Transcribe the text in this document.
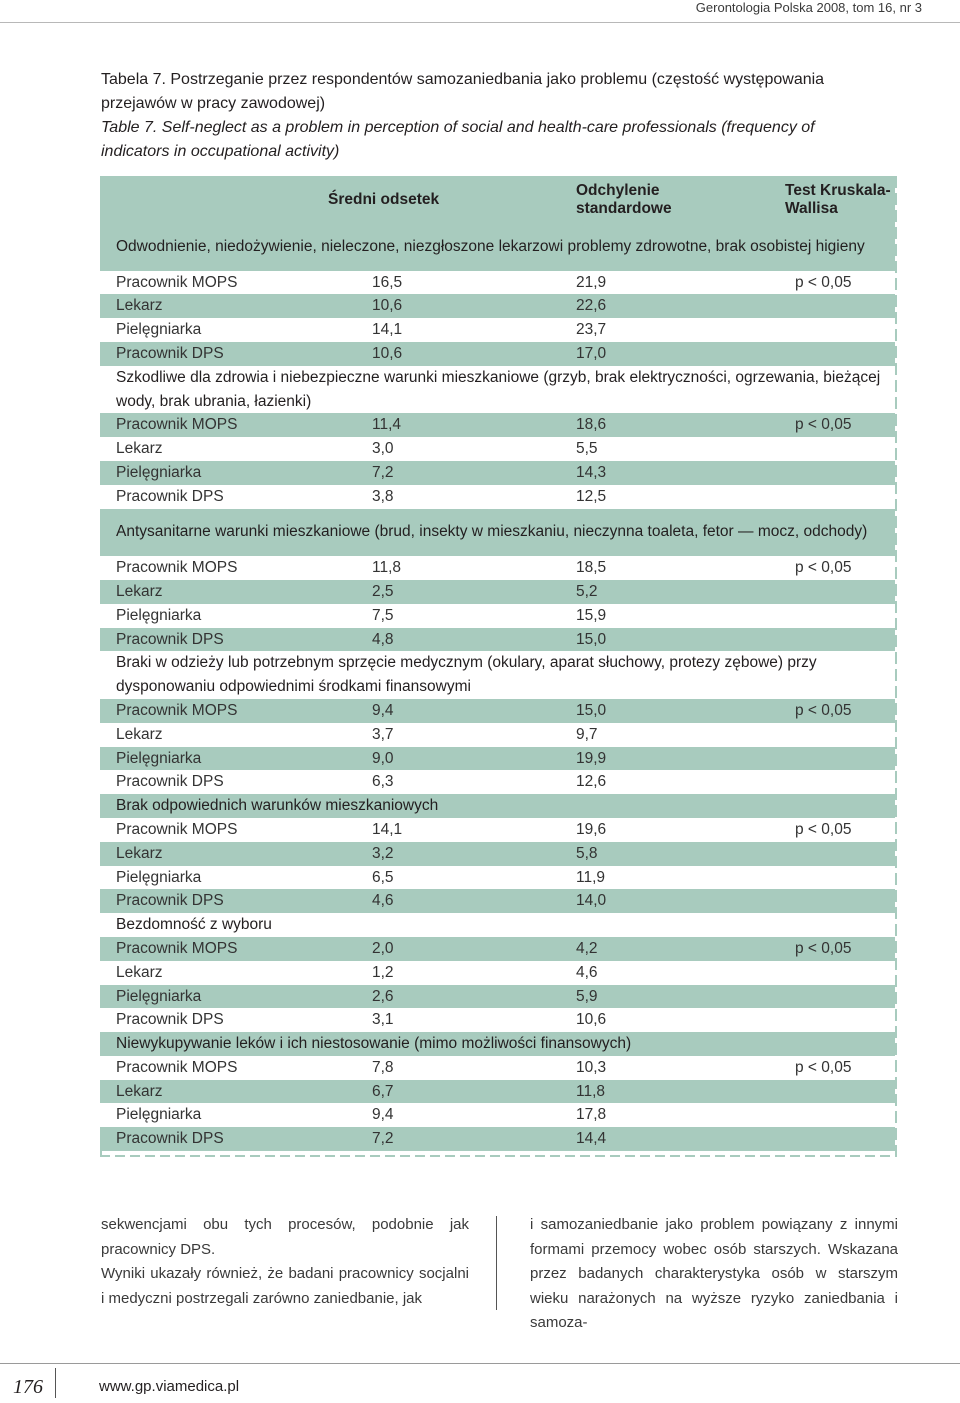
Gerontologia Polska 2008, tom 16, nr 3

Tabela 7. Postrzeganie przez respondentów samozaniedbania jako problemu (częstość występowania przejawów w pracy zawodowej)

Table 7. Self-neglect as a problem in perception of social and health-care professionals (frequency of indicators in occupational activity)

	Średni odsetek	Odchylenie standardowe	Test Kruskala-Wallisa
Odwodnienie, niedożywienie, nieleczone, niezgłoszone lekarzowi problemy zdrowotne, brak osobistej higieny			
Pracownik MOPS	16,5	21,9	p < 0,05
Lekarz	10,6	22,6	
Pielęgniarka	14,1	23,7	
Pracownik DPS	10,6	17,0	
Szkodliwe dla zdrowia i niebezpieczne warunki mieszkaniowe (grzyb, brak elektryczności, ogrzewania, bieżącej wody, brak ubrania, łazienki)			
Pracownik MOPS	11,4	18,6	p < 0,05
Lekarz	3,0	5,5	
Pielęgniarka	7,2	14,3	
Pracownik DPS	3,8	12,5	
Antysanitarne warunki mieszkaniowe (brud, insekty w mieszkaniu, nieczynna toaleta, fetor — mocz, odchody)			
Pracownik MOPS	11,8	18,5	p < 0,05
Lekarz	2,5	5,2	
Pielęgniarka	7,5	15,9	
Pracownik DPS	4,8	15,0	
Braki w odzieży lub potrzebnym sprzęcie medycznym (okulary, aparat słuchowy, protezy zębowe) przy dysponowaniu odpowiednimi środkami finansowymi			
Pracownik MOPS	9,4	15,0	p < 0,05
Lekarz	3,7	9,7	
Pielęgniarka	9,0	19,9	
Pracownik DPS	6,3	12,6	
Brak odpowiednich warunków mieszkaniowych			
Pracownik MOPS	14,1	19,6	p < 0,05
Lekarz	3,2	5,8	
Pielęgniarka	6,5	11,9	
Pracownik DPS	4,6	14,0	
Bezdomność z wyboru			
Pracownik MOPS	2,0	4,2	p < 0,05
Lekarz	1,2	4,6	
Pielęgniarka	2,6	5,9	
Pracownik DPS	3,1	10,6	
Niewykupywanie leków i ich niestosowanie (mimo możliwości finansowych)			
Pracownik MOPS	7,8	10,3	p < 0,05
Lekarz	6,7	11,8	
Pielęgniarka	9,4	17,8	
Pracownik DPS	7,2	14,4	

sekwencjami obu tych procesów, podobnie jak pracownicy DPS.

Wyniki ukazały również, że badani pracownicy socjalni i medyczni postrzegali zarówno zaniedbanie, jak

i samozaniedbanie jako problem powiązany z innymi formami przemocy wobec osób starszych. Wskazana przez badanych charakterystyka osób w starszym wieku narażonych na wyższe ryzyko zaniedbania i samoza-

176	www.gp.viamedica.pl
